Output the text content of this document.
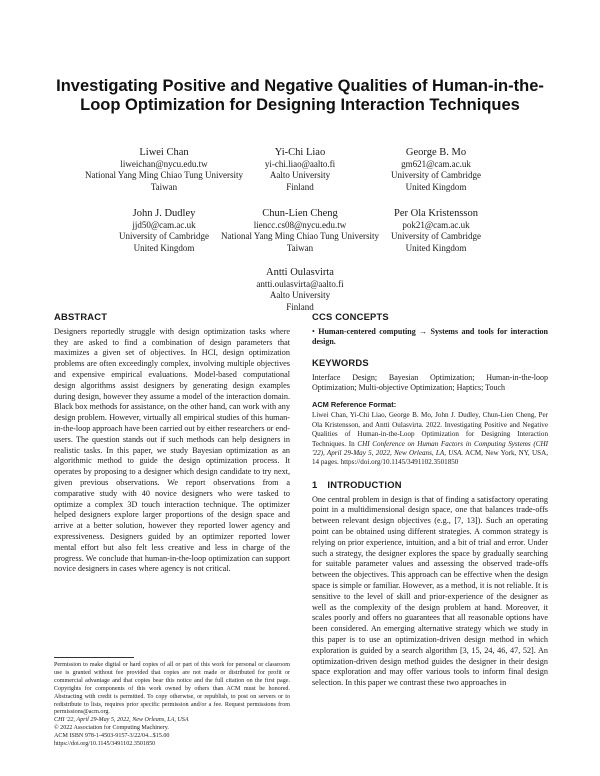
Investigating Positive and Negative Qualities of Human-in-the-Loop Optimization for Designing Interaction Techniques
Liwei Chan
liweichan@nycu.edu.tw
National Yang Ming Chiao Tung University
Taiwan
Yi-Chi Liao
yi-chi.liao@aalto.fi
Aalto University
Finland
George B. Mo
gm621@cam.ac.uk
University of Cambridge
United Kingdom
John J. Dudley
jjd50@cam.ac.uk
University of Cambridge
United Kingdom
Chun-Lien Cheng
liencc.cs08@nycu.edu.tw
National Yang Ming Chiao Tung University
Taiwan
Per Ola Kristensson
pok21@cam.ac.uk
University of Cambridge
United Kingdom
Antti Oulasvirta
antti.oulasvirta@aalto.fi
Aalto University
Finland
ABSTRACT

Designers reportedly struggle with design optimization tasks where they are asked to find a combination of design parameters that maximizes a given set of objectives. In HCI, design optimization problems are often exceedingly complex, involving multiple objectives and expensive empirical evaluations. Model-based computational design algorithms assist designers by generating design examples during design, however they assume a model of the interaction domain. Black box methods for assistance, on the other hand, can work with any design problem. However, virtually all empirical studies of this human-in-the-loop approach have been carried out by either researchers or end-users. The question stands out if such methods can help designers in realistic tasks. In this paper, we study Bayesian optimization as an algorithmic method to guide the design optimization process. It operates by proposing to a designer which design candidate to try next, given previous observations. We report observations from a comparative study with 40 novice designers who were tasked to optimize a complex 3D touch interaction technique. The optimizer helped designers explore larger proportions of the design space and arrive at a better solution, however they reported lower agency and expressiveness. Designers guided by an optimizer reported lower mental effort but also felt less creative and less in charge of the progress. We conclude that human-in-the-loop optimization can support novice designers in cases where agency is not critical.

Permission to make digital or hard copies of all or part of this work for personal or classroom use is granted without fee provided that copies are not made or distributed for profit or commercial advantage and that copies bear this notice and the full citation on the first page. Copyrights for components of this work owned by others than ACM must be honored. Abstracting with credit is permitted. To copy otherwise, or republish, to post on servers or to redistribute to lists, requires prior specific permission and/or a fee. Request permissions from permissions@acm.org.

CHI '22, April 29-May 5, 2022, New Orleans, LA, USA

© 2022 Association for Computing Machinery.

ACM ISBN 978-1-4503-9157-3/22/04...$15.00

https://doi.org/10.1145/3491102.3501850

CCS CONCEPTS

• Human-centered computing → Systems and tools for interaction design.

KEYWORDS

Interface Design; Bayesian Optimization; Human-in-the-loop Optimization; Multi-objective Optimization; Haptics; Touch

ACM Reference Format:

Liwei Chan, Yi-Chi Liao, George B. Mo, John J. Dudley, Chun-Lien Cheng, Per Ola Kristensson, and Antti Oulasvirta. 2022. Investigating Positive and Negative Qualities of Human-in-the-Loop Optimization for Designing Interaction Techniques. In CHI Conference on Human Factors in Computing Systems (CHI '22), April 29-May 5, 2022, New Orleans, LA, USA. ACM, New York, NY, USA, 14 pages. https://doi.org/10.1145/3491102.3501850

1 INTRODUCTION

One central problem in design is that of finding a satisfactory operating point in a multidimensional design space, one that balances trade-offs between relevant design objectives (e.g., [7, 13]). Such an operating point can be obtained using different strategies. A common strategy is relying on prior experience, intuition, and a bit of trial and error. Under such a strategy, the designer explores the space by gradually searching for suitable parameter values and assessing the observed trade-offs between the objectives. This approach can be effective when the design space is simple or familiar. However, as a method, it is not reliable. It is sensitive to the level of skill and prior-experience of the designer as well as the complexity of the design problem at hand. Moreover, it scales poorly and offers no guarantees that all reasonable options have been considered. An emerging alternative strategy which we study in this paper is to use an optimization-driven design method in which exploration is guided by a search algorithm [3, 15, 24, 46, 47, 52]. An optimization-driven design method guides the designer in their design space exploration and may offer various tools to inform final design selection. In this paper we contrast these two approaches in
